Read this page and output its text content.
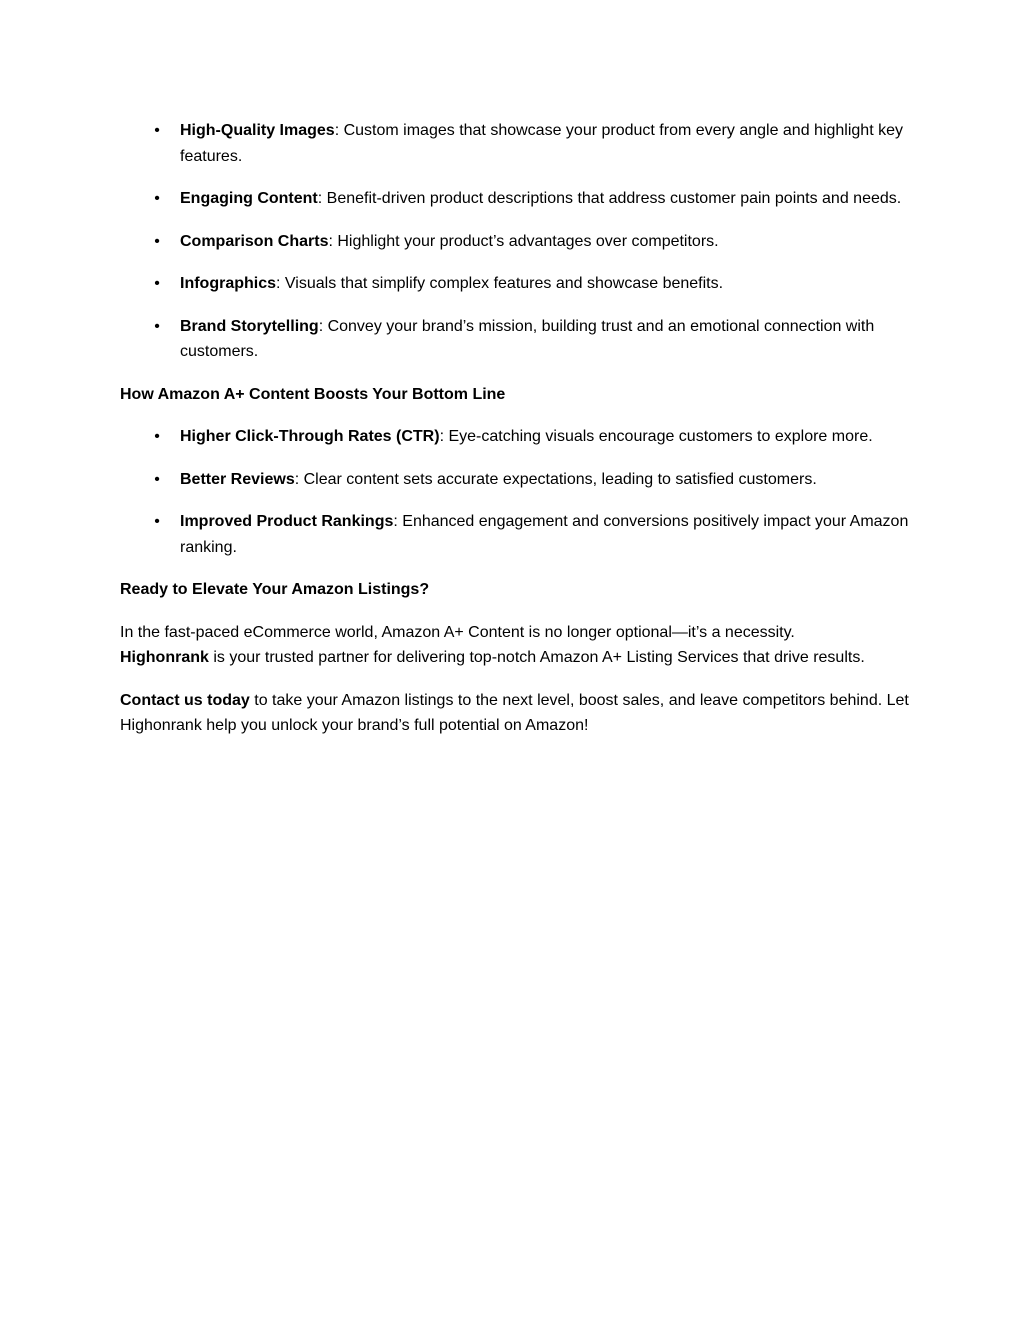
• High-Quality Images: Custom images that showcase your product from every angle and highlight key features.
• Engaging Content: Benefit-driven product descriptions that address customer pain points and needs.
• Comparison Charts: Highlight your product’s advantages over competitors.
• Infographics: Visuals that simplify complex features and showcase benefits.
• Brand Storytelling: Convey your brand’s mission, building trust and an emotional connection with customers.
How Amazon A+ Content Boosts Your Bottom Line
• Higher Click-Through Rates (CTR): Eye-catching visuals encourage customers to explore more.
• Better Reviews: Clear content sets accurate expectations, leading to satisfied customers.
• Improved Product Rankings: Enhanced engagement and conversions positively impact your Amazon ranking.
Ready to Elevate Your Amazon Listings?

In the fast-paced eCommerce world, Amazon A+ Content is no longer optional—it’s a necessity.
Highonrank is your trusted partner for delivering top-notch Amazon A+ Listing Services that drive results.

Contact us today to take your Amazon listings to the next level, boost sales, and leave competitors behind. Let Highonrank help you unlock your brand’s full potential on Amazon!
